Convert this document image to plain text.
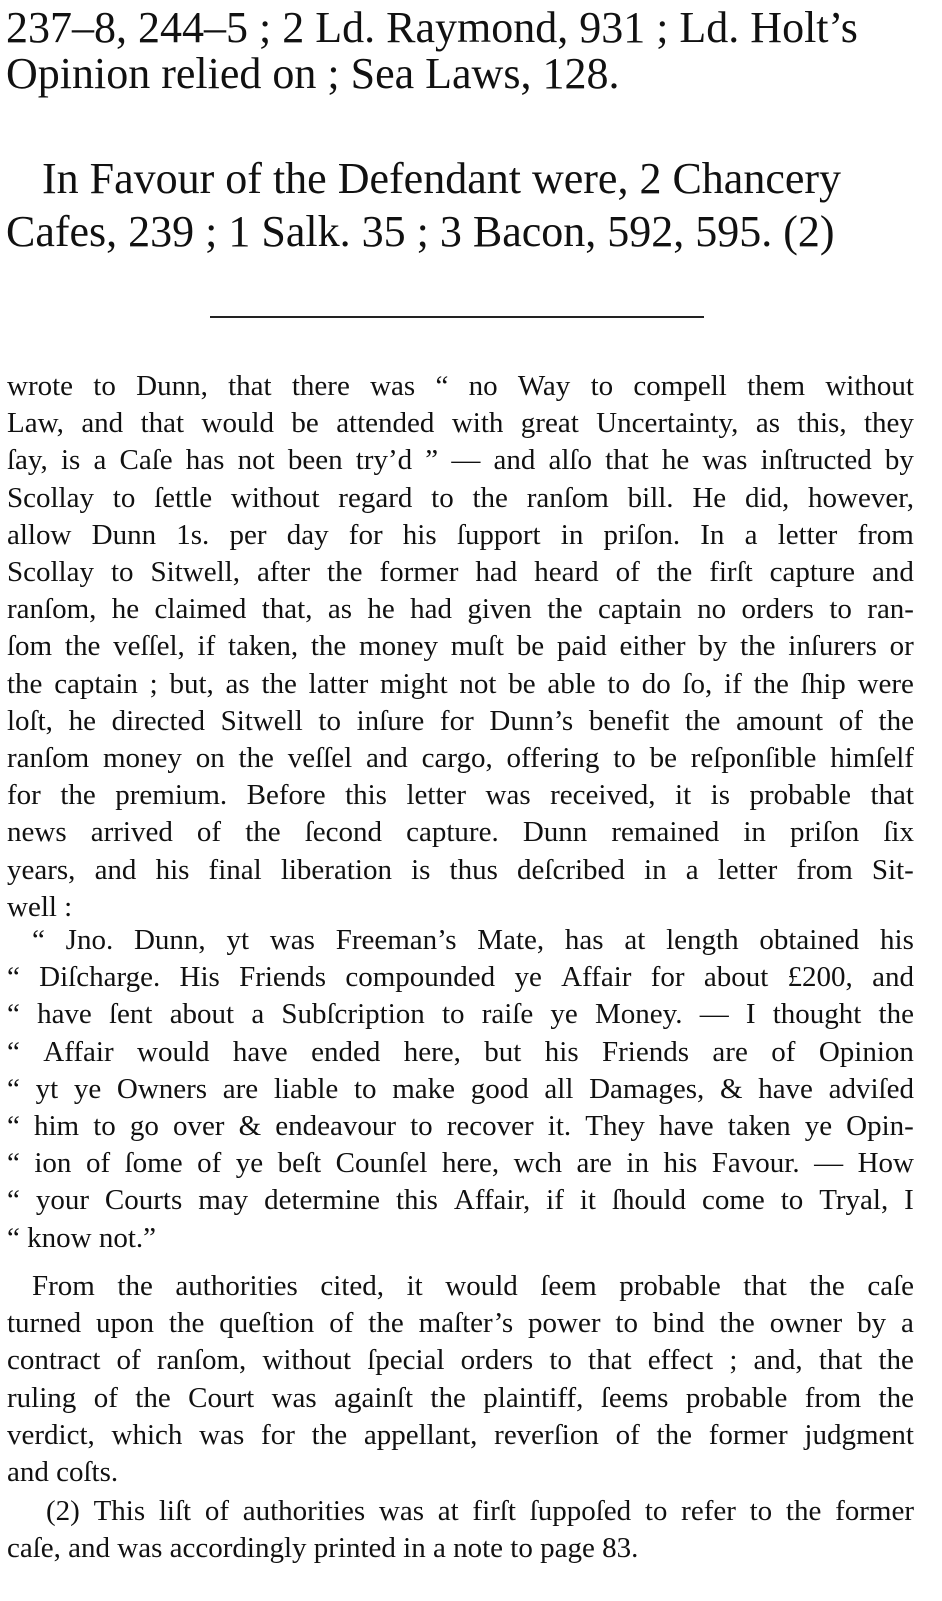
237–8, 244–5 ; 2 Ld. Raymond, 931 ; Ld. Holt’s
Opinion relied on ; Sea Laws, 128.
In Favour of the Defendant were, 2 Chancery
Cafes, 239 ; 1 Salk. 35 ; 3 Bacon, 592, 595. (2)
wrote to Dunn, that there was “ no Way to compell them without
Law, and that would be attended with great Uncertainty, as this, they
ſay, is a Caſe has not been try’d ” — and alſo that he was inſtructed by
Scollay to ſettle without regard to the ranſom bill. He did, however,
allow Dunn 1s. per day for his ſupport in priſon. In a letter from
Scollay to Sitwell, after the former had heard of the firſt capture and
ranſom, he claimed that, as he had given the captain no orders to ran-
ſom the veſſel, if taken, the money muſt be paid either by the inſurers or
the captain ; but, as the latter might not be able to do ſo, if the ſhip were
loſt, he directed Sitwell to inſure for Dunn’s benefit the amount of the
ranſom money on the veſſel and cargo, offering to be reſponſible himſelf
for the premium. Before this letter was received, it is probable that
news arrived of the ſecond capture. Dunn remained in priſon ſix
years, and his final liberation is thus deſcribed in a letter from Sit-
well :
“ Jno. Dunn, yt was Freeman’s Mate, has at length obtained his
“ Diſcharge. His Friends compounded ye Affair for about £200, and
“ have ſent about a Subſcription to raiſe ye Money. — I thought the
“ Affair would have ended here, but his Friends are of Opinion
“ yt ye Owners are liable to make good all Damages, & have adviſed
“ him to go over & endeavour to recover it. They have taken ye Opin-
“ ion of ſome of ye beſt Counſel here, wch are in his Favour. — How
“ your Courts may determine this Affair, if it ſhould come to Tryal, I
“ know not.”
From the authorities cited, it would ſeem probable that the caſe
turned upon the queſtion of the maſter’s power to bind the owner by a
contract of ranſom, without ſpecial orders to that effect ; and, that the
ruling of the Court was againſt the plaintiff, ſeems probable from the
verdict, which was for the appellant, reverſion of the former judgment
and coſts.
(2) This liſt of authorities was at firſt ſuppoſed to refer to the former
caſe, and was accordingly printed in a note to page 83.
